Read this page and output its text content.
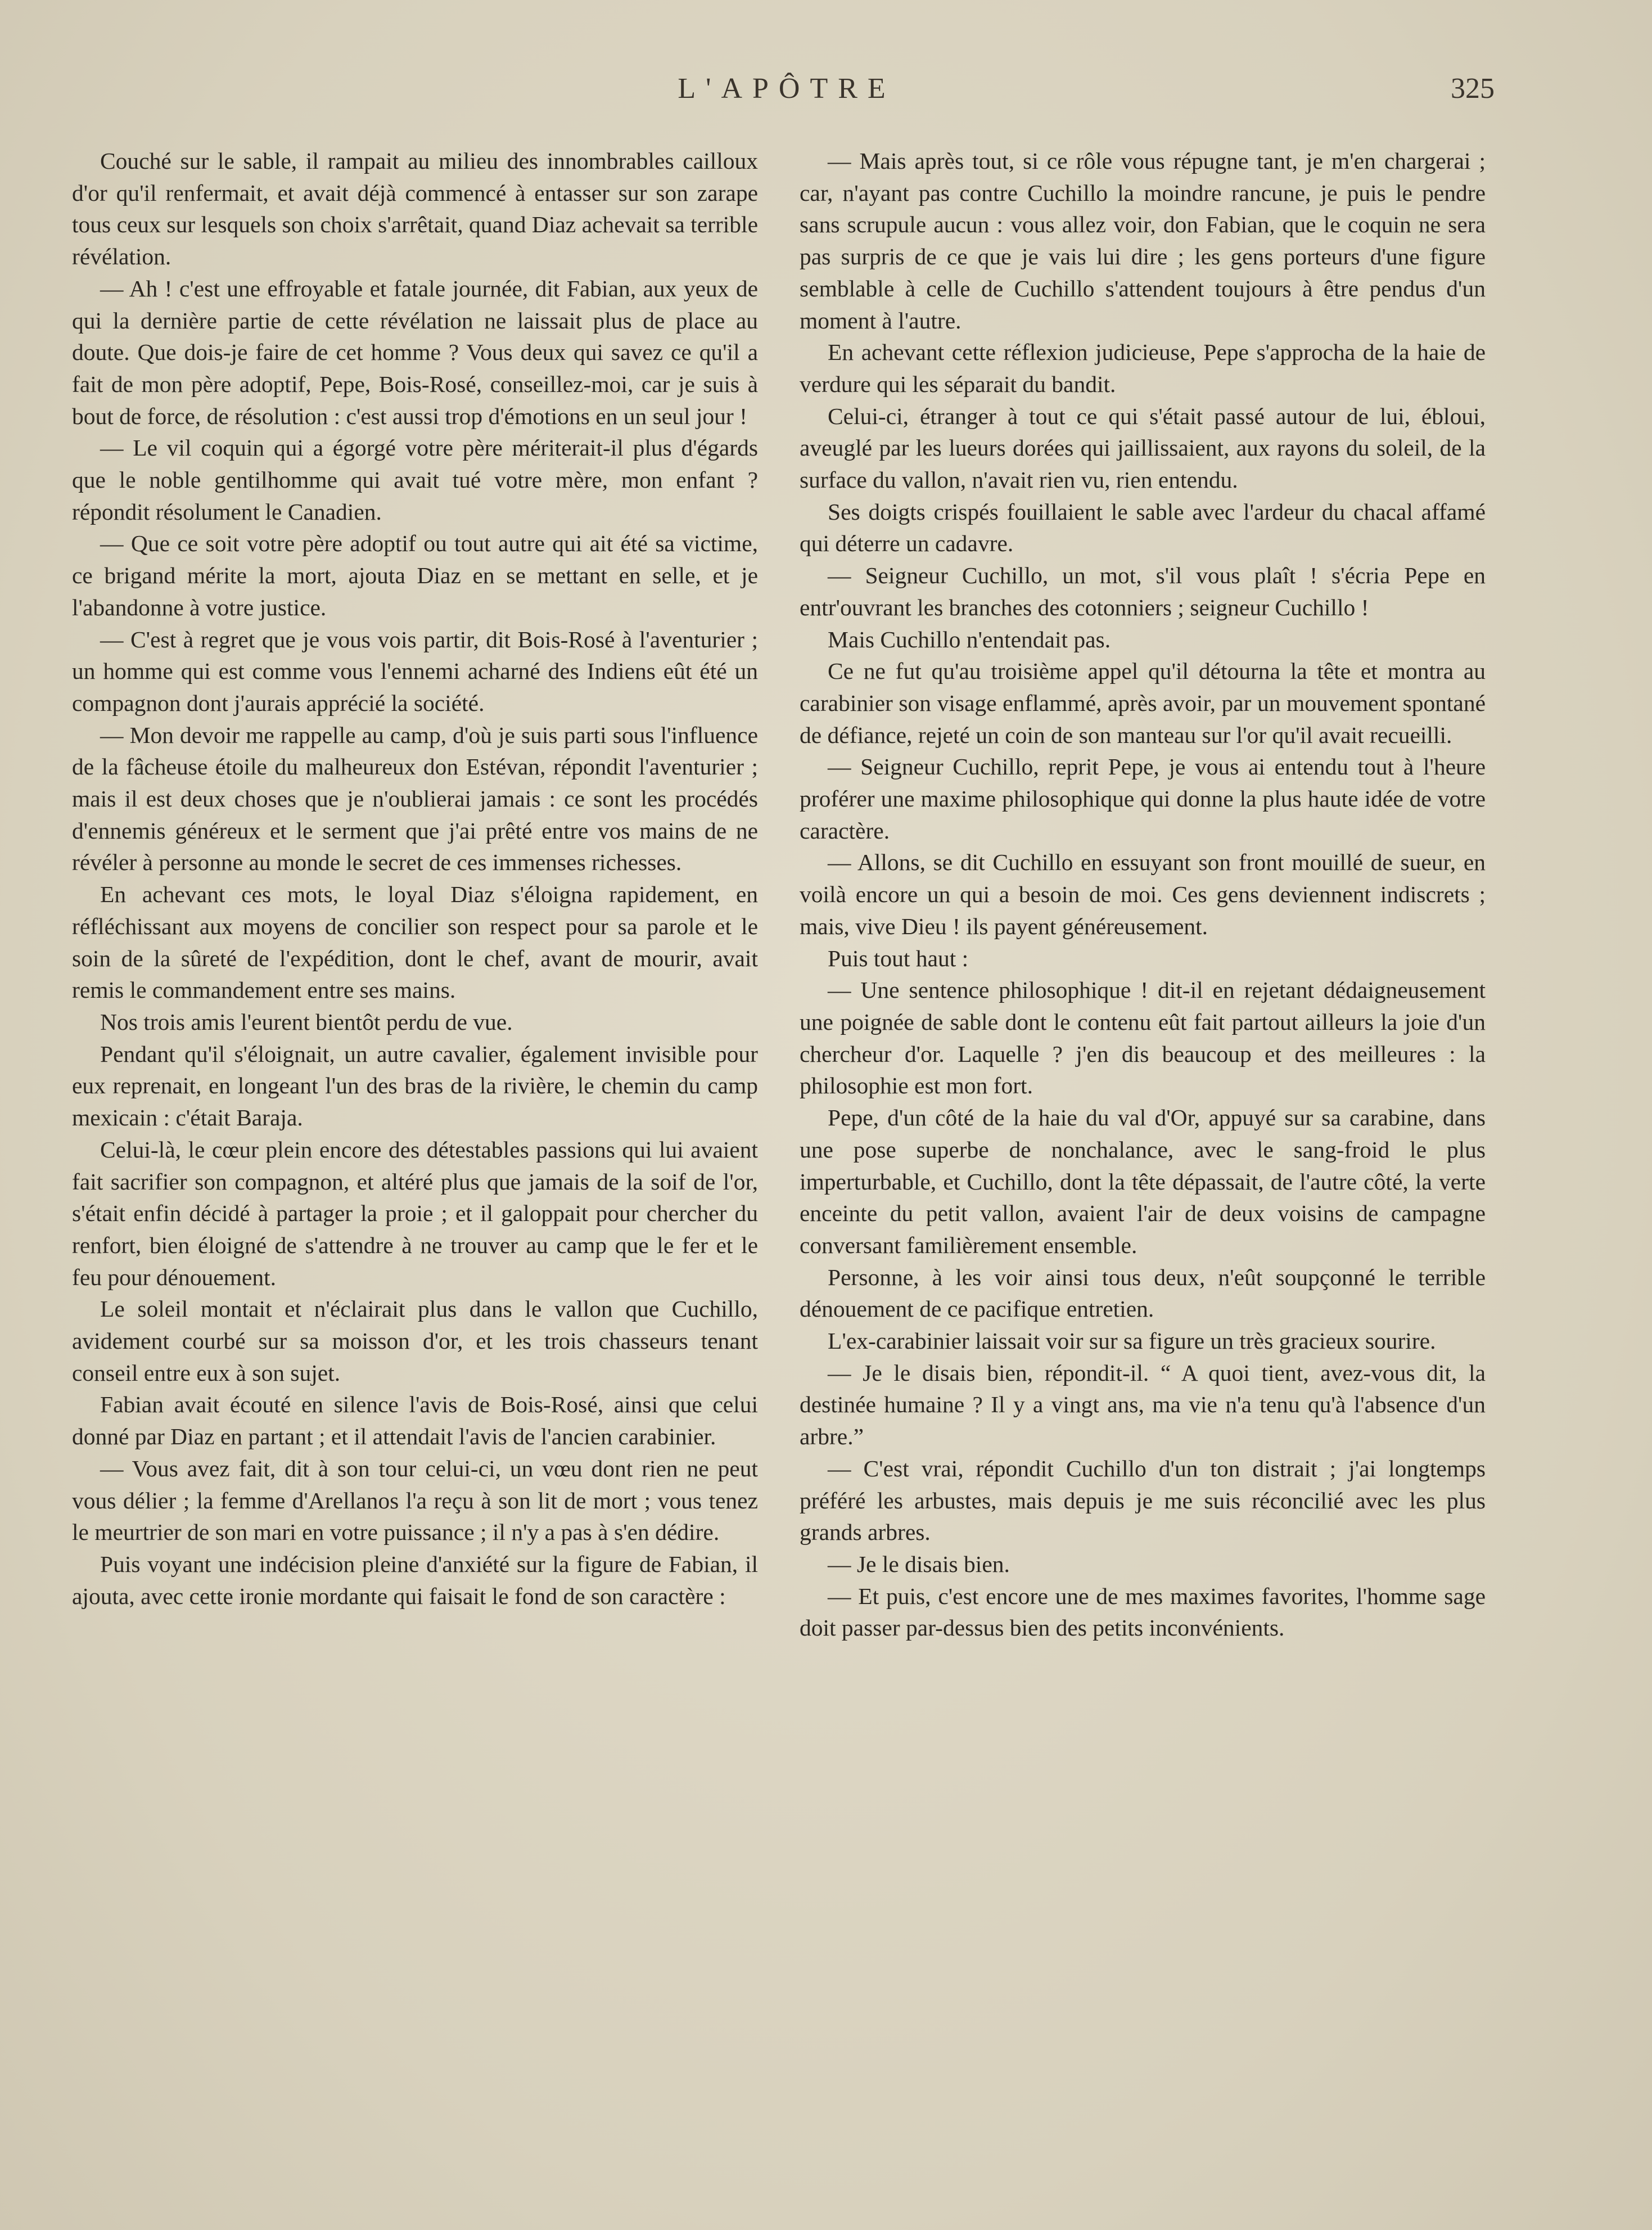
L'APÔTRE	325

Couché sur le sable, il rampait au milieu des innombrables cailloux d'or qu'il renfermait, et avait déjà commencé à entasser sur son zarape tous ceux sur lesquels son choix s'arrêtait, quand Diaz achevait sa terrible révélation.

— Ah ! c'est une effroyable et fatale journée, dit Fabian, aux yeux de qui la dernière partie de cette révélation ne laissait plus de place au doute. Que dois-je faire de cet homme ? Vous deux qui savez ce qu'il a fait de mon père adoptif, Pepe, Bois-Rosé, conseillez-moi, car je suis à bout de force, de résolution : c'est aussi trop d'émotions en un seul jour !

— Le vil coquin qui a égorgé votre père mériterait-il plus d'égards que le noble gentilhomme qui avait tué votre mère, mon enfant ? répondit résolument le Canadien.

— Que ce soit votre père adoptif ou tout autre qui ait été sa victime, ce brigand mérite la mort, ajouta Diaz en se mettant en selle, et je l'abandonne à votre justice.

— C'est à regret que je vous vois partir, dit Bois-Rosé à l'aventurier ; un homme qui est comme vous l'ennemi acharné des Indiens eût été un compagnon dont j'aurais apprécié la société.

— Mon devoir me rappelle au camp, d'où je suis parti sous l'influence de la fâcheuse étoile du malheureux don Estévan, répondit l'aventurier ; mais il est deux choses que je n'oublierai jamais : ce sont les procédés d'ennemis généreux et le serment que j'ai prêté entre vos mains de ne révéler à personne au monde le secret de ces immenses richesses.

En achevant ces mots, le loyal Diaz s'éloigna rapidement, en réfléchissant aux moyens de concilier son respect pour sa parole et le soin de la sûreté de l'expédition, dont le chef, avant de mourir, avait remis le commandement entre ses mains.

Nos trois amis l'eurent bientôt perdu de vue.

Pendant qu'il s'éloignait, un autre cavalier, également invisible pour eux reprenait, en longeant l'un des bras de la rivière, le chemin du camp mexicain : c'était Baraja.

Celui-là, le cœur plein encore des détestables passions qui lui avaient fait sacrifier son compagnon, et altéré plus que jamais de la soif de l'or, s'était enfin décidé à partager la proie ; et il galoppait pour chercher du renfort, bien éloigné de s'attendre à ne trouver au camp que le fer et le feu pour dénouement.

Le soleil montait et n'éclairait plus dans le vallon que Cuchillo, avidement courbé sur sa moisson d'or, et les trois chasseurs tenant conseil entre eux à son sujet.

Fabian avait écouté en silence l'avis de Bois-Rosé, ainsi que celui donné par Diaz en partant ; et il attendait l'avis de l'ancien carabinier.

— Vous avez fait, dit à son tour celui-ci, un vœu dont rien ne peut vous délier ; la femme d'Arellanos l'a reçu à son lit de mort ; vous tenez le meurtrier de son mari en votre puissance ; il n'y a pas à s'en dédire.

Puis voyant une indécision pleine d'anxiété sur la figure de Fabian, il ajouta, avec cette ironie mordante qui faisait le fond de son caractère :

— Mais après tout, si ce rôle vous répugne tant, je m'en chargerai ; car, n'ayant pas contre Cuchillo la moindre rancune, je puis le pendre sans scrupule aucun : vous allez voir, don Fabian, que le coquin ne sera pas surpris de ce que je vais lui dire ; les gens porteurs d'une figure semblable à celle de Cuchillo s'attendent toujours à être pendus d'un moment à l'autre.

En achevant cette réflexion judicieuse, Pepe s'approcha de la haie de verdure qui les séparait du bandit.

Celui-ci, étranger à tout ce qui s'était passé autour de lui, ébloui, aveuglé par les lueurs dorées qui jaillissaient, aux rayons du soleil, de la surface du vallon, n'avait rien vu, rien entendu.

Ses doigts crispés fouillaient le sable avec l'ardeur du chacal affamé qui déterre un cadavre.

— Seigneur Cuchillo, un mot, s'il vous plaît ! s'écria Pepe en entr'ouvrant les branches des cotonniers ; seigneur Cuchillo !

Mais Cuchillo n'entendait pas.

Ce ne fut qu'au troisième appel qu'il détourna la tête et montra au carabinier son visage enflammé, après avoir, par un mouvement spontané de défiance, rejeté un coin de son manteau sur l'or qu'il avait recueilli.

— Seigneur Cuchillo, reprit Pepe, je vous ai entendu tout à l'heure proférer une maxime philosophique qui donne la plus haute idée de votre caractère.

— Allons, se dit Cuchillo en essuyant son front mouillé de sueur, en voilà encore un qui a besoin de moi. Ces gens deviennent indiscrets ; mais, vive Dieu ! ils payent généreusement.

Puis tout haut :

— Une sentence philosophique ! dit-il en rejetant dédaigneusement une poignée de sable dont le contenu eût fait partout ailleurs la joie d'un chercheur d'or. Laquelle ? j'en dis beaucoup et des meilleures : la philosophie est mon fort.

Pepe, d'un côté de la haie du val d'Or, appuyé sur sa carabine, dans une pose superbe de nonchalance, avec le sang-froid le plus imperturbable, et Cuchillo, dont la tête dépassait, de l'autre côté, la verte enceinte du petit vallon, avaient l'air de deux voisins de campagne conversant familièrement ensemble.

Personne, à les voir ainsi tous deux, n'eût soupçonné le terrible dénouement de ce pacifique entretien.

L'ex-carabinier laissait voir sur sa figure un très gracieux sourire.

— Je le disais bien, répondit-il. “ A quoi tient, avez-vous dit, la destinée humaine ? Il y a vingt ans, ma vie n'a tenu qu'à l'absence d'un arbre.”

— C'est vrai, répondit Cuchillo d'un ton distrait ; j'ai longtemps préféré les arbustes, mais depuis je me suis réconcilié avec les plus grands arbres.

— Je le disais bien.

— Et puis, c'est encore une de mes maximes favorites, l'homme sage doit passer par-dessus bien des petits inconvénients.
